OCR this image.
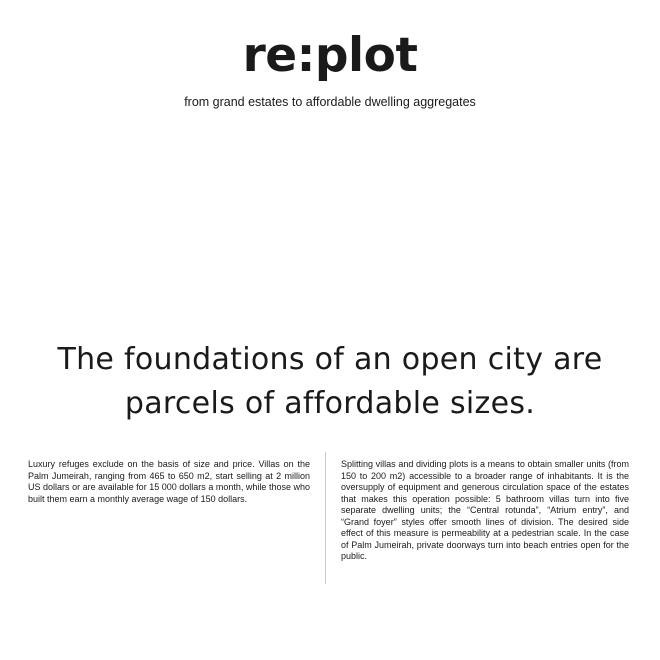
re:plot

from grand estates to affordable dwelling aggregates

The foundations of an open city are parcels of affordable sizes.

Luxury refuges exclude on the basis of size and price. Villas on the Palm Jumeirah, ranging from 465 to 650 m2, start selling at 2 million US dollars or are available for 15 000 dollars a month, while those who built them earn a monthly average wage of 150 dollars.

Splitting villas and dividing plots is a means to obtain smaller units (from 150 to 200 m2) accessible to a broader range of inhabitants. It is the oversupply of equipment and generous circulation space of the estates that makes this operation possible: 5 bathroom villas turn into five separate dwelling units; the “Central rotunda”, “Atrium entry”, and “Grand foyer” styles offer smooth lines of division. The desired side effect of this measure is permeability at a pedestrian scale. In the case of Palm Jumeirah, private doorways turn into beach entries open for the public.
